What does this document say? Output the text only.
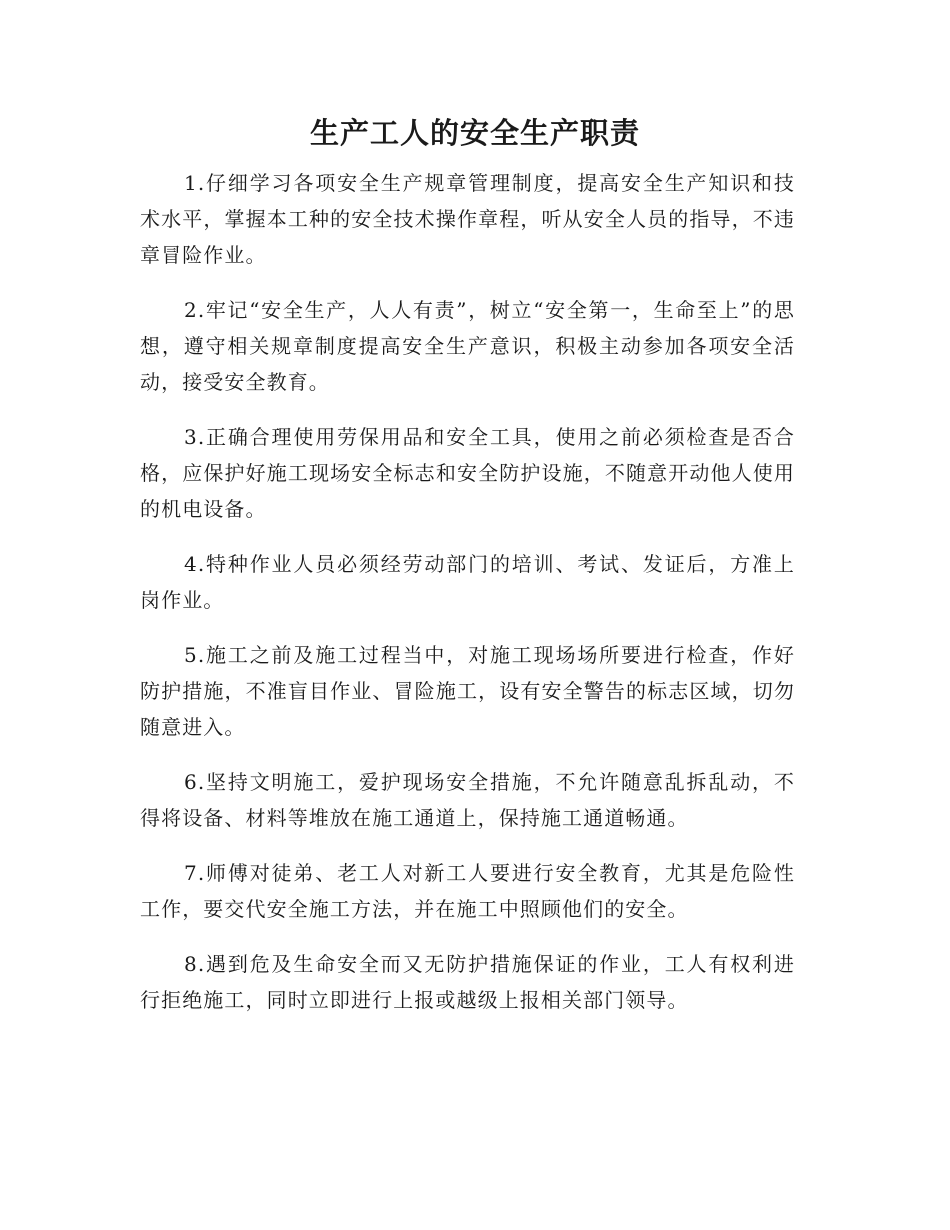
生产工人的安全生产职责

1.仔细学习各项安全生产规章管理制度，提高安全生产知识和技术水平，掌握本工种的安全技术操作章程，听从安全人员的指导，不违章冒险作业。

2.牢记“安全生产，人人有责”，树立“安全第一，生命至上”的思想，遵守相关规章制度提高安全生产意识，积极主动参加各项安全活动，接受安全教育。

3.正确合理使用劳保用品和安全工具，使用之前必须检查是否合格，应保护好施工现场安全标志和安全防护设施，不随意开动他人使用的机电设备。

4.特种作业人员必须经劳动部门的培训、考试、发证后，方准上岗作业。

5.施工之前及施工过程当中，对施工现场场所要进行检查，作好防护措施，不准盲目作业、冒险施工，设有安全警告的标志区域，切勿随意进入。

6.坚持文明施工，爱护现场安全措施，不允许随意乱拆乱动，不得将设备、材料等堆放在施工通道上，保持施工通道畅通。

7.师傅对徒弟、老工人对新工人要进行安全教育，尤其是危险性工作，要交代安全施工方法，并在施工中照顾他们的安全。

8.遇到危及生命安全而又无防护措施保证的作业，工人有权利进行拒绝施工，同时立即进行上报或越级上报相关部门领导。
